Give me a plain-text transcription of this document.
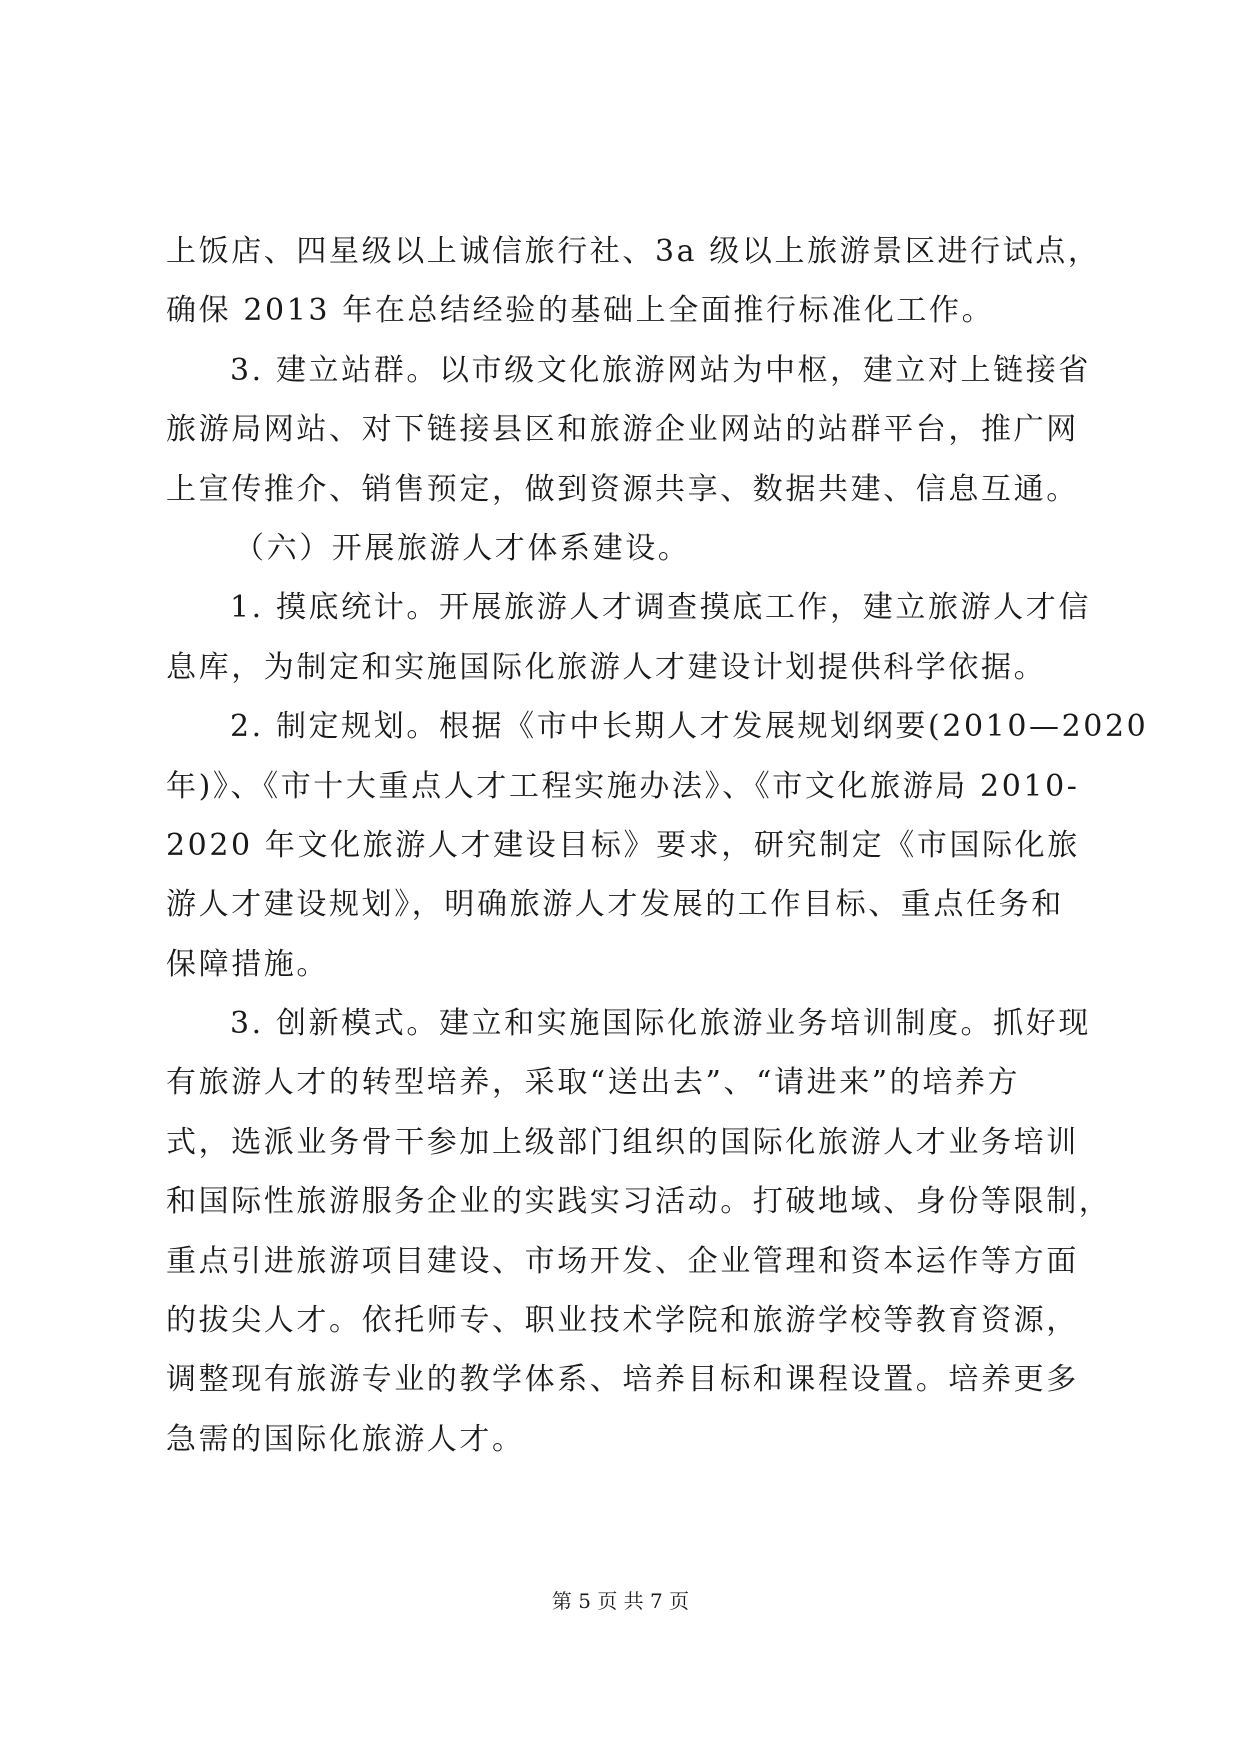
上饭店、四星级以上诚信旅行社、3a 级以上旅游景区进行试点，
确保 2013 年在总结经验的基础上全面推行标准化工作。
3. 建立站群。以市级文化旅游网站为中枢，建立对上链接省
旅游局网站、对下链接县区和旅游企业网站的站群平台，推广网
上宣传推介、销售预定，做到资源共享、数据共建、信息互通。
（六）开展旅游人才体系建设。
1. 摸底统计。开展旅游人才调查摸底工作，建立旅游人才信
息库，为制定和实施国际化旅游人才建设计划提供科学依据。
2. 制定规划。根据《市中长期人才发展规划纲要(2010—2020
年)》、《市十大重点人才工程实施办法》、《市文化旅游局 2010-
2020 年文化旅游人才建设目标》要求，研究制定《市国际化旅
游人才建设规划》，明确旅游人才发展的工作目标、重点任务和
保障措施。
3. 创新模式。建立和实施国际化旅游业务培训制度。抓好现
有旅游人才的转型培养，采取“送出去”、“请进来”的培养方
式，选派业务骨干参加上级部门组织的国际化旅游人才业务培训
和国际性旅游服务企业的实践实习活动。打破地域、身份等限制，
重点引进旅游项目建设、市场开发、企业管理和资本运作等方面
的拔尖人才。依托师专、职业技术学院和旅游学校等教育资源，
调整现有旅游专业的教学体系、培养目标和课程设置。培养更多
急需的国际化旅游人才。
第 5 页 共 7 页
